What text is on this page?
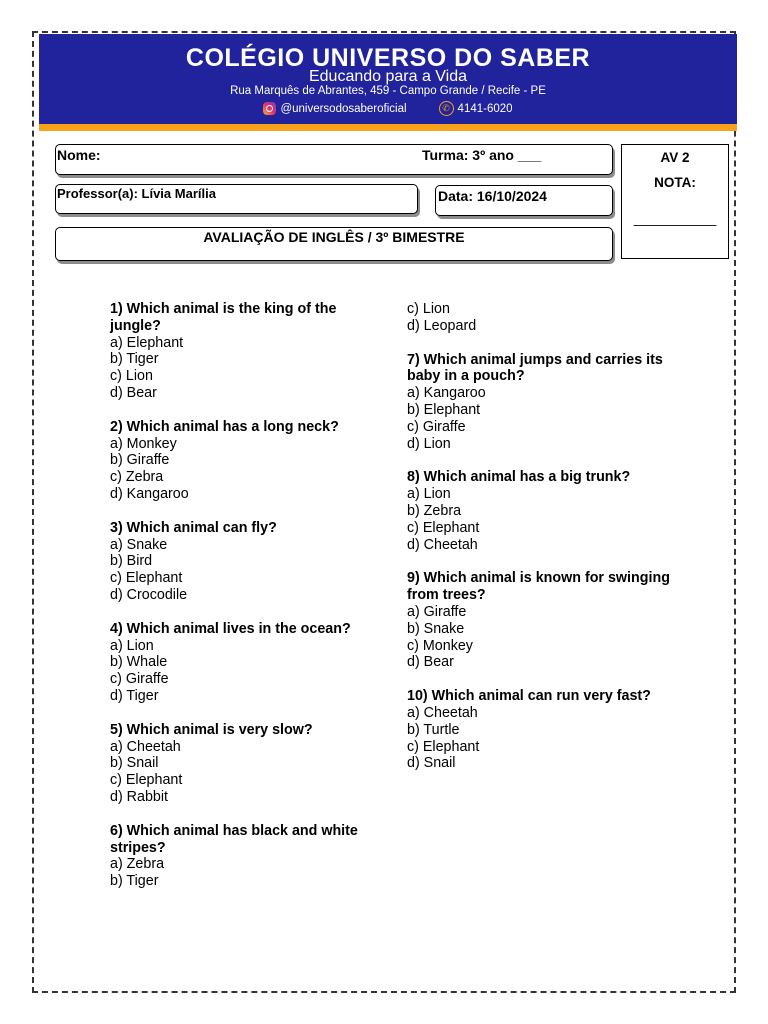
COLÉGIO UNIVERSO DO SABER
Educando para a Vida
Rua Marquês de Abrantes, 459 - Campo Grande / Recife - PE
@universodosaberoficial	✆ 4141-6020
Nome:	Turma: 3º ano ___
Professor(a): Lívia Marília	Data: 16/10/2024
AVALIAÇÃO DE INGLÊS / 3º BIMESTRE
AV 2
NOTA:
___________
1) Which animal is the king of the jungle?
a) Elephant
b) Tiger
c) Lion
d) Bear
2) Which animal has a long neck?
a) Monkey
b) Giraffe
c) Zebra
d) Kangaroo
3) Which animal can fly?
a) Snake
b) Bird
c) Elephant
d) Crocodile
4) Which animal lives in the ocean?
a) Lion
b) Whale
c) Giraffe
d) Tiger
5) Which animal is very slow?
a) Cheetah
b) Snail
c) Elephant
d) Rabbit
6) Which animal has black and white stripes?
a) Zebra
b) Tiger
c) Lion
d) Leopard
7) Which animal jumps and carries its baby in a pouch?
a) Kangaroo
b) Elephant
c) Giraffe
d) Lion
8) Which animal has a big trunk?
a) Lion
b) Zebra
c) Elephant
d) Cheetah
9) Which animal is known for swinging from trees?
a) Giraffe
b) Snake
c) Monkey
d) Bear
10) Which animal can run very fast?
a) Cheetah
b) Turtle
c) Elephant
d) Snail
